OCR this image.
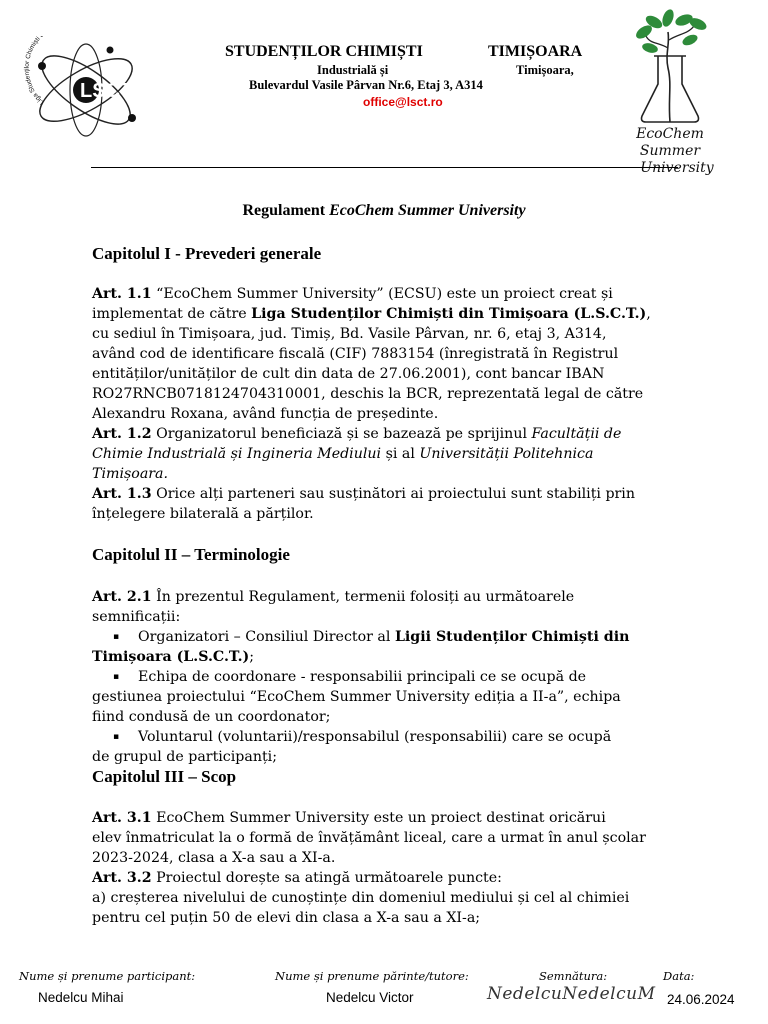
Liga Studenților Chimiști
LSCT
STUDENȚILOR CHIMIȘTI	TIMIȘOARA
Industrială și	Timișoara,
Bulevardul Vasile Pârvan Nr.6, Etaj 3, A314
office@lsct.ro
EcoChem Summer
University
Regulament EcoChem Summer University
Capitolul I - Prevederi generale
Art. 1.1 “EcoChem Summer University” (ECSU) este un proiect creat și
implementat de către Liga Studenților Chimiști din Timișoara (L.S.C.T.),
cu sediul în Timișoara, jud. Timiș, Bd. Vasile Pârvan, nr. 6, etaj 3, A314,
având cod de identificare fiscală (CIF) 7883154 (înregistrată în Registrul
entităților/unităților de cult din data de 27.06.2001), cont bancar IBAN
RO27RNCB0718124704310001, deschis la BCR, reprezentată legal de către
Alexandru Roxana, având funcția de președinte.
Art. 1.2 Organizatorul beneficiază și se bazează pe sprijinul Facultății de
Chimie Industrială și Ingineria Mediului și al Universității Politehnica
Timișoara.
Art. 1.3 Orice alți parteneri sau susținători ai proiectului sunt stabiliți prin
înțelegere bilaterală a părților.
Capitolul II – Terminologie
Art. 2.1 În prezentul Regulament, termenii folosiți au următoarele
semnificații:
▪ Organizatori – Consiliul Director al Ligii Studenților Chimiști din
Timișoara (L.S.C.T.);
▪ Echipa de coordonare - responsabilii principali ce se ocupă de
gestiunea proiectului “EcoChem Summer University ediția a II-a”, echipa
fiind condusă de un coordonator;
▪ Voluntarul (voluntarii)/responsabilul (responsabilii) care se ocupă
de grupul de participanți;
Capitolul III – Scop
Art. 3.1 EcoChem Summer University este un proiect destinat oricărui
elev înmatriculat la o formă de învățământ liceal, care a urmat în anul școlar
2023-2024, clasa a X-a sau a XI-a.
Art. 3.2 Proiectul dorește sa atingă următoarele puncte:
a) creșterea nivelului de cunoștințe din domeniul mediului și cel al chimiei
pentru cel puțin 50 de elevi din clasa a X-a sau a XI-a;
Nume și prenume participant:
Nedelcu Mihai
Nume și prenume părinte/tutore:
Nedelcu Victor
Semnătura:
NedelcuNedelcuM
Data:
24.06.2024
